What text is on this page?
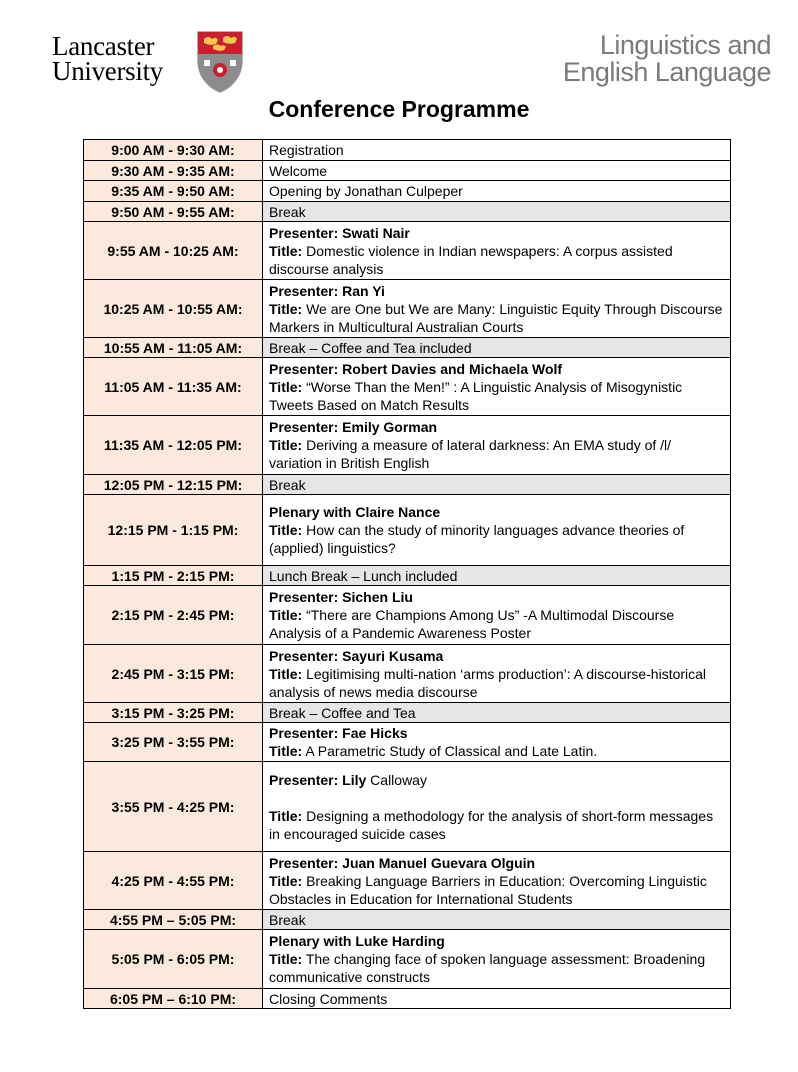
Lancaster
University
Linguistics and
English Language
Conference Programme
9:00 AM - 9:30 AM:	Registration
9:30 AM - 9:35 AM:	Welcome
9:35 AM - 9:50 AM:	Opening by Jonathan Culpeper
9:50 AM - 9:55 AM:	Break
9:55 AM - 10:25 AM:	Presenter: Swati Nair
Title: Domestic violence in Indian newspapers: A corpus assisted discourse analysis

10:25 AM - 10:55 AM:	Presenter: Ran Yi
Title: We are One but We are Many: Linguistic Equity Through Discourse Markers in Multicultural Australian Courts

10:55 AM - 11:05 AM:	Break – Coffee and Tea included
11:05 AM - 11:35 AM:	Presenter: Robert Davies and Michaela Wolf
Title: “Worse Than the Men!” : A Linguistic Analysis of Misogynistic Tweets Based on Match Results

11:35 AM - 12:05 PM:	Presenter: Emily Gorman
Title: Deriving a measure of lateral darkness: An EMA study of /l/ variation in British English

12:05 PM - 12:15 PM:	Break
12:15 PM - 1:15 PM:	Plenary with Claire Nance
Title: How can the study of minority languages advance theories of (applied) linguistics?

1:15 PM - 2:15 PM:	Lunch Break – Lunch included
2:15 PM - 2:45 PM:	Presenter: Sichen Liu
Title: “There are Champions Among Us” -A Multimodal Discourse Analysis of a Pandemic Awareness Poster

2:45 PM - 3:15 PM:	Presenter: Sayuri Kusama
Title: Legitimising multi-nation ‘arms production’: A discourse-historical analysis of news media discourse

3:15 PM - 3:25 PM:	Break – Coffee and Tea
3:25 PM - 3:55 PM:	Presenter: Fae Hicks
Title: A Parametric Study of Classical and Late Latin.

3:55 PM - 4:25 PM:	Presenter: Lily Calloway
Title: Designing a methodology for the analysis of short-form messages in encouraged suicide cases

4:25 PM - 4:55 PM:	Presenter: Juan Manuel Guevara Olguin
Title: Breaking Language Barriers in Education: Overcoming Linguistic Obstacles in Education for International Students

4:55 PM – 5:05 PM:	Break
5:05 PM - 6:05 PM:	Plenary with Luke Harding
Title: The changing face of spoken language assessment: Broadening communicative constructs

6:05 PM – 6:10 PM:	Closing Comments
